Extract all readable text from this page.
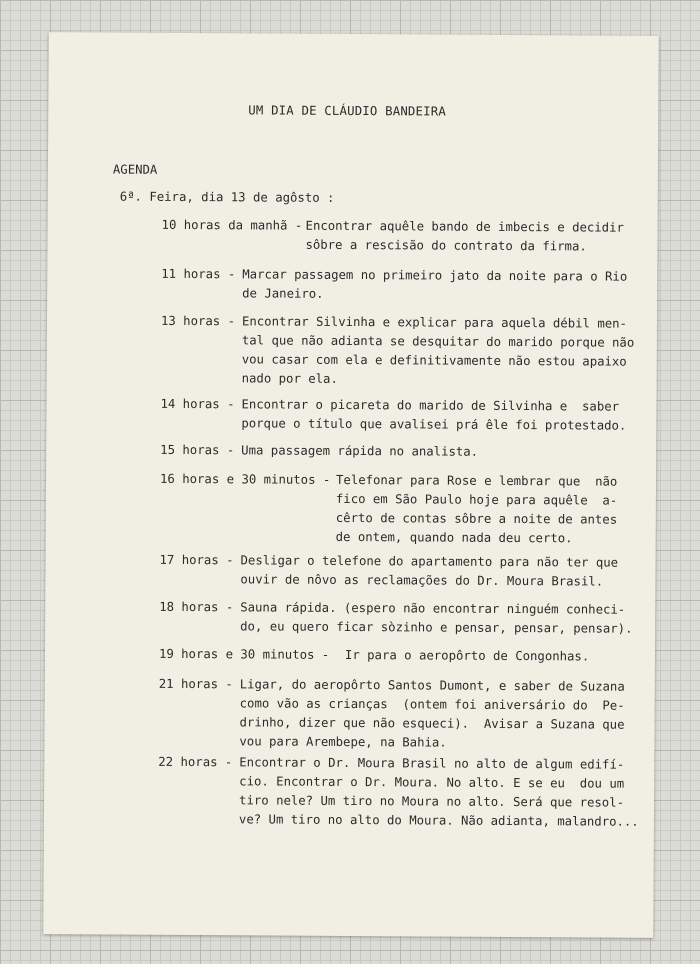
UM DIA DE CLÁUDIO BANDEIRA
AGENDA
6ª. Feira, dia 13 de agôsto :
10 horas da manhã - Encontrar aquêle bando de imbecis e decidir
sôbre a rescisão do contrato da firma.
11 horas - Marcar passagem no primeiro jato da noite para o Rio
de Janeiro.
13 horas - Encontrar Silvinha e explicar para aquela débil men-
tal que não adianta se desquitar do marido porque não
vou casar com ela e definitivamente não estou apaixo
nado por ela.
14 horas - Encontrar o picareta do marido de Silvinha e  saber
porque o título que avalisei prá êle foi protestado.
15 horas - Uma passagem rápida no analista.
16 horas e 30 minutos - Telefonar para Rose e lembrar que  não
fico em São Paulo hoje para aquêle  a-
cêrto de contas sôbre a noite de antes
de ontem, quando nada deu certo.
17 horas - Desligar o telefone do apartamento para não ter que
ouvir de nôvo as reclamações do Dr. Moura Brasil.
18 horas - Sauna rápida. (espero não encontrar ninguém conheci-
do, eu quero ficar sòzinho e pensar, pensar, pensar).
19 horas e 30 minutos - Ir para o aeropôrto de Congonhas.
21 horas - Ligar, do aeropôrto Santos Dumont, e saber de Suzana
como vão as crianças  (ontem foi aniversário do  Pe-
drinho, dizer que não esqueci).  Avisar a Suzana que
vou para Arembepe, na Bahia.
22 horas - Encontrar o Dr. Moura Brasil no alto de algum edifí-
cio. Encontrar o Dr. Moura. No alto. E se eu  dou um
tiro nele? Um tiro no Moura no alto. Será que resol-
ve? Um tiro no alto do Moura. Não adianta, malandro...
